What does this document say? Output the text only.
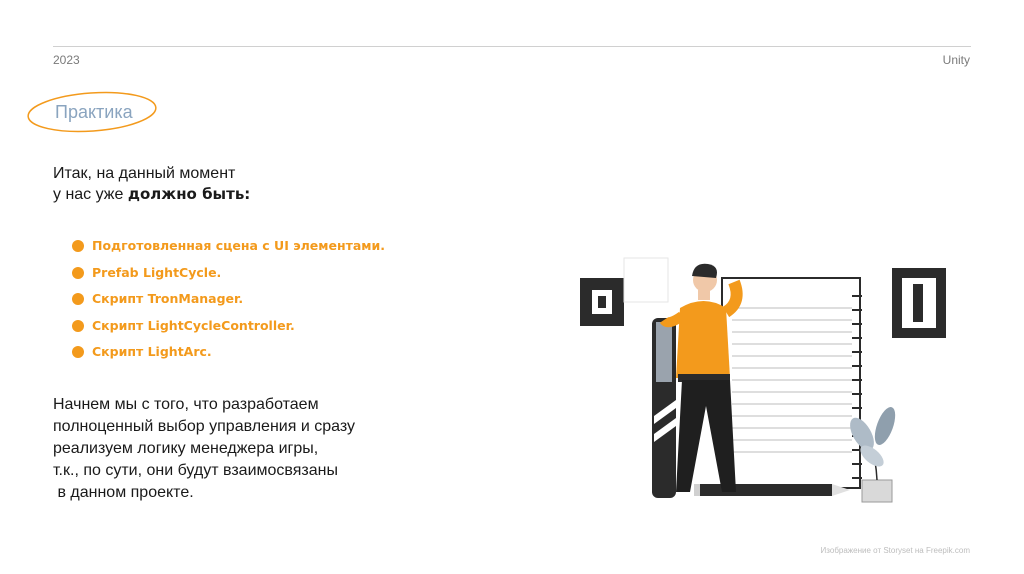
2023	Unity
Практика
Итак, на данный момент
у нас уже должно быть:
Подготовленная сцена с UI элементами.
Prefab LightCycle.
Скрипт TronManager.
Скрипт LightCycleController.
Скрипт LightArc.
Начнем мы с того, что разработаем
полноценный выбор управления и сразу
реализуем логику менеджера игры,
т.к., по сути, они будут взаимосвязаны
в данном проекте.
Изображение от Storyset на Freepik.com
